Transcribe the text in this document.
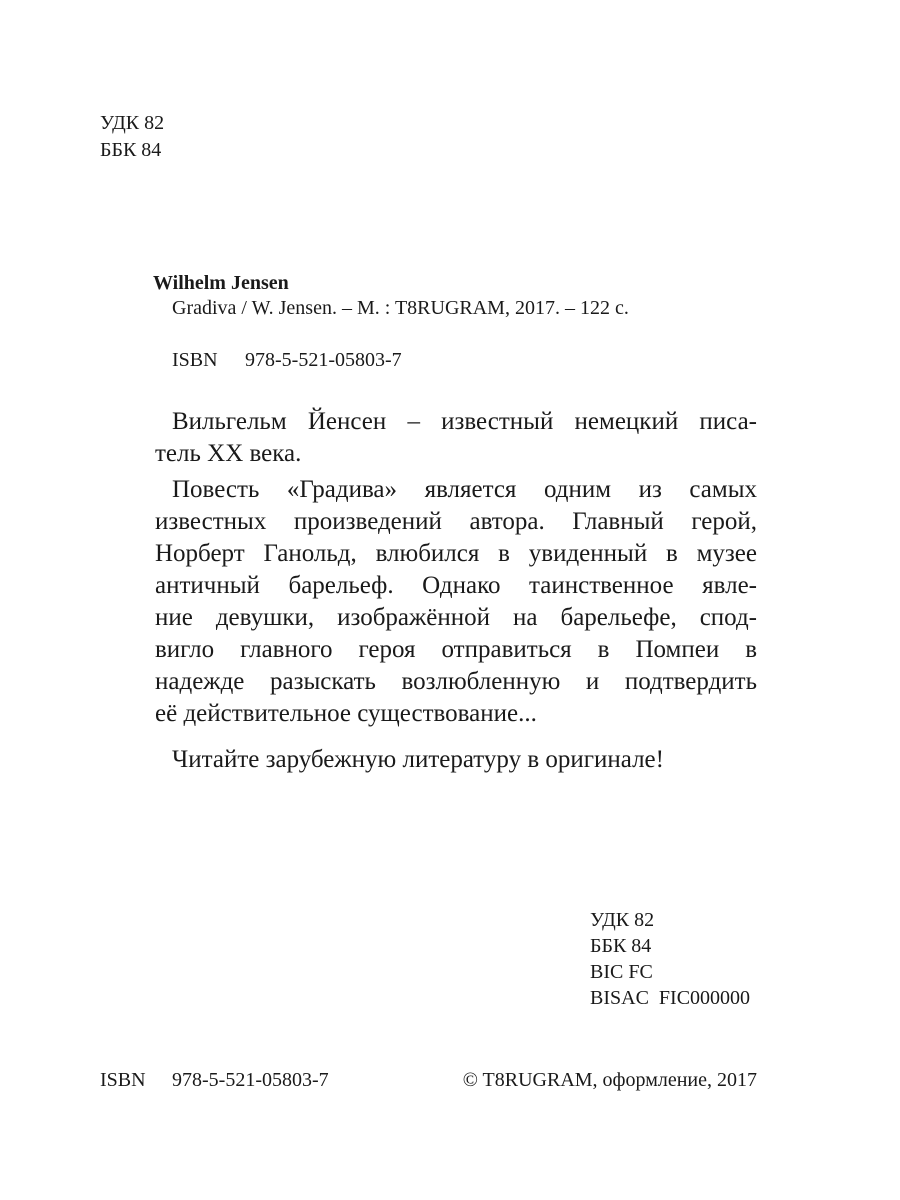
УДК 82
ББК 84
Wilhelm Jensen
Gradiva / W. Jensen. – M. : T8RUGRAM, 2017. – 122 c.
ISBN 978-5-521-05803-7
Вильгельм Йенсен – известный немецкий писа-
тель XX века.
Повесть «Градива» является одним из самых
известных произведений автора. Главный герой,
Норберт Ганольд, влюбился в увиденный в музее
античный барельеф. Однако таинственное явле-
ние девушки, изображённой на барельефе, спод-
вигло главного героя отправиться в Помпеи в
надежде разыскать возлюбленную и подтвердить
её действительное существование...
Читайте зарубежную литературу в оригинале!
УДК 82
ББК 84
BIC FC
BISAC  FIC000000
ISBN 978-5-521-05803-7	© T8RUGRAM, оформление, 2017
